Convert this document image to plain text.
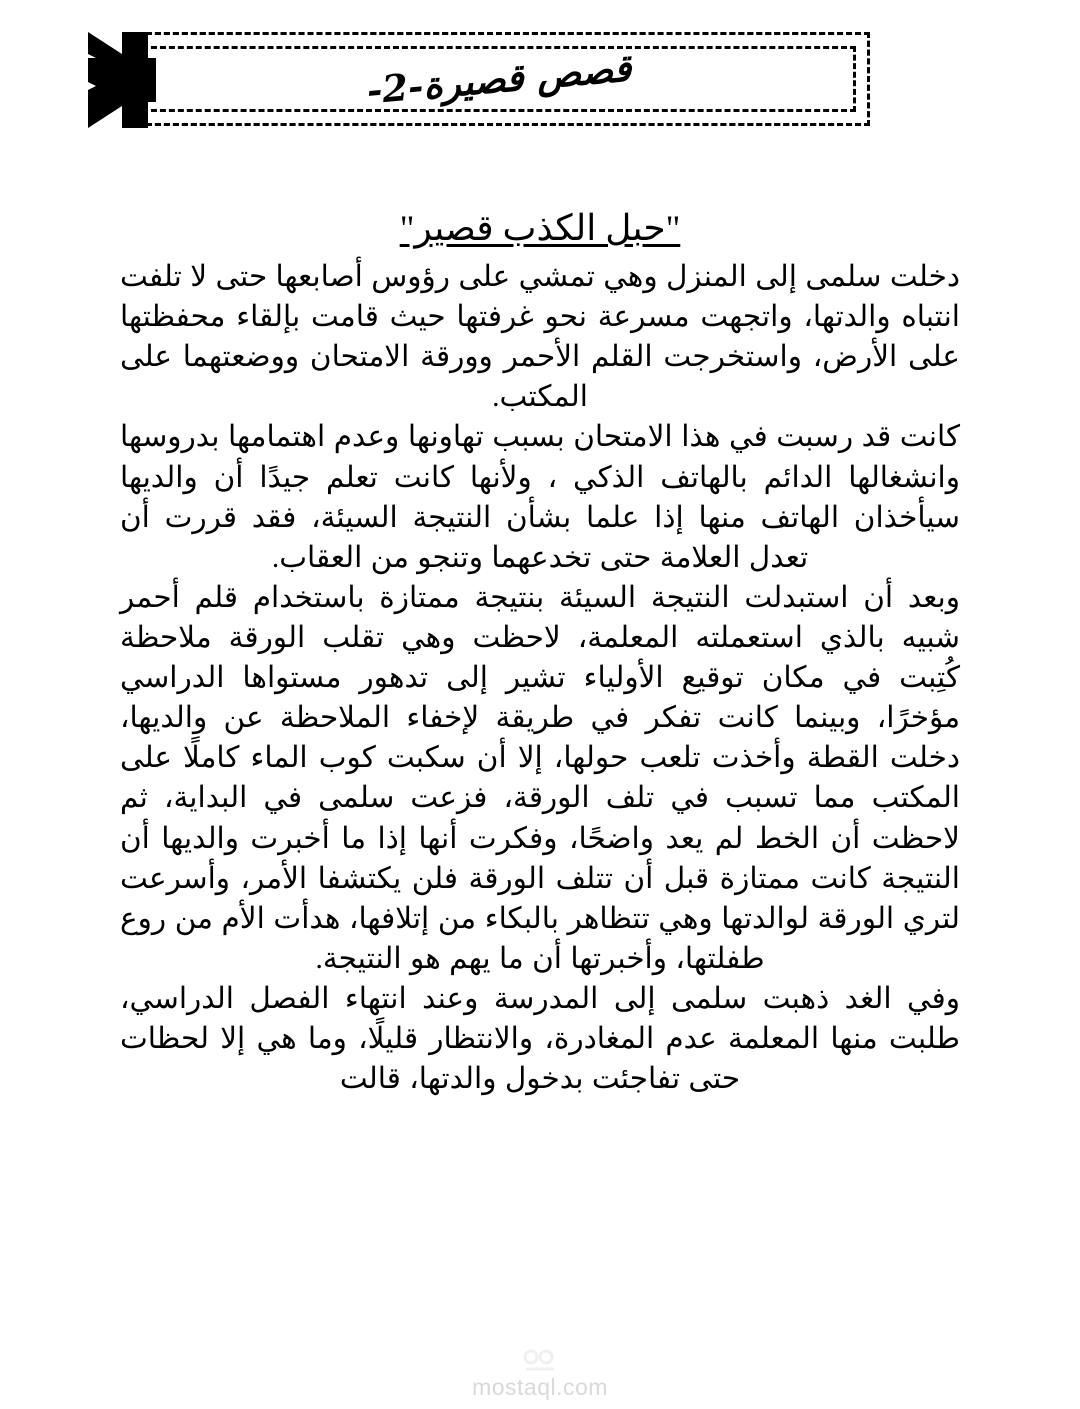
قصص قصيرة-2-
"حبل الكذب قصير"

دخلت سلمى إلى المنزل وهي تمشي على رؤوس أصابعها حتى لا تلفت انتباه والدتها، واتجهت مسرعة نحو غرفتها حيث قامت بإلقاء محفظتها على الأرض، واستخرجت القلم الأحمر وورقة الامتحان ووضعتهما على المكتب.

كانت قد رسبت في هذا الامتحان بسبب تهاونها وعدم اهتمامها بدروسها وانشغالها الدائم بالهاتف الذكي ، ولأنها كانت تعلم جيدًا أن والديها سيأخذان الهاتف منها إذا علما بشأن النتيجة السيئة، فقد قررت أن تعدل العلامة حتى تخدعهما وتنجو من العقاب.

وبعد أن استبدلت النتيجة السيئة بنتيجة ممتازة باستخدام قلم أحمر شبيه بالذي استعملته المعلمة، لاحظت وهي تقلب الورقة ملاحظة كُتِبت في مكان توقيع الأولياء تشير إلى تدهور مستواها الدراسي مؤخرًا، وبينما كانت تفكر في طريقة لإخفاء الملاحظة عن والديها، دخلت القطة وأخذت تلعب حولها، إلا أن سكبت كوب الماء كاملًا على المكتب مما تسبب في تلف الورقة، فزعت سلمى في البداية، ثم لاحظت أن الخط لم يعد واضحًا، وفكرت أنها إذا ما أخبرت والديها أن النتيجة كانت ممتازة قبل أن تتلف الورقة فلن يكتشفا الأمر، وأسرعت لتري الورقة لوالدتها وهي تتظاهر بالبكاء من إتلافها، هدأت الأم من روع طفلتها، وأخبرتها أن ما يهم هو النتيجة.

وفي الغد ذهبت سلمى إلى المدرسة وعند انتهاء الفصل الدراسي، طلبت منها المعلمة عدم المغادرة، والانتظار قليلًا، وما هي إلا لحظات حتى تفاجئت بدخول والدتها، قالت

mostaql.com
